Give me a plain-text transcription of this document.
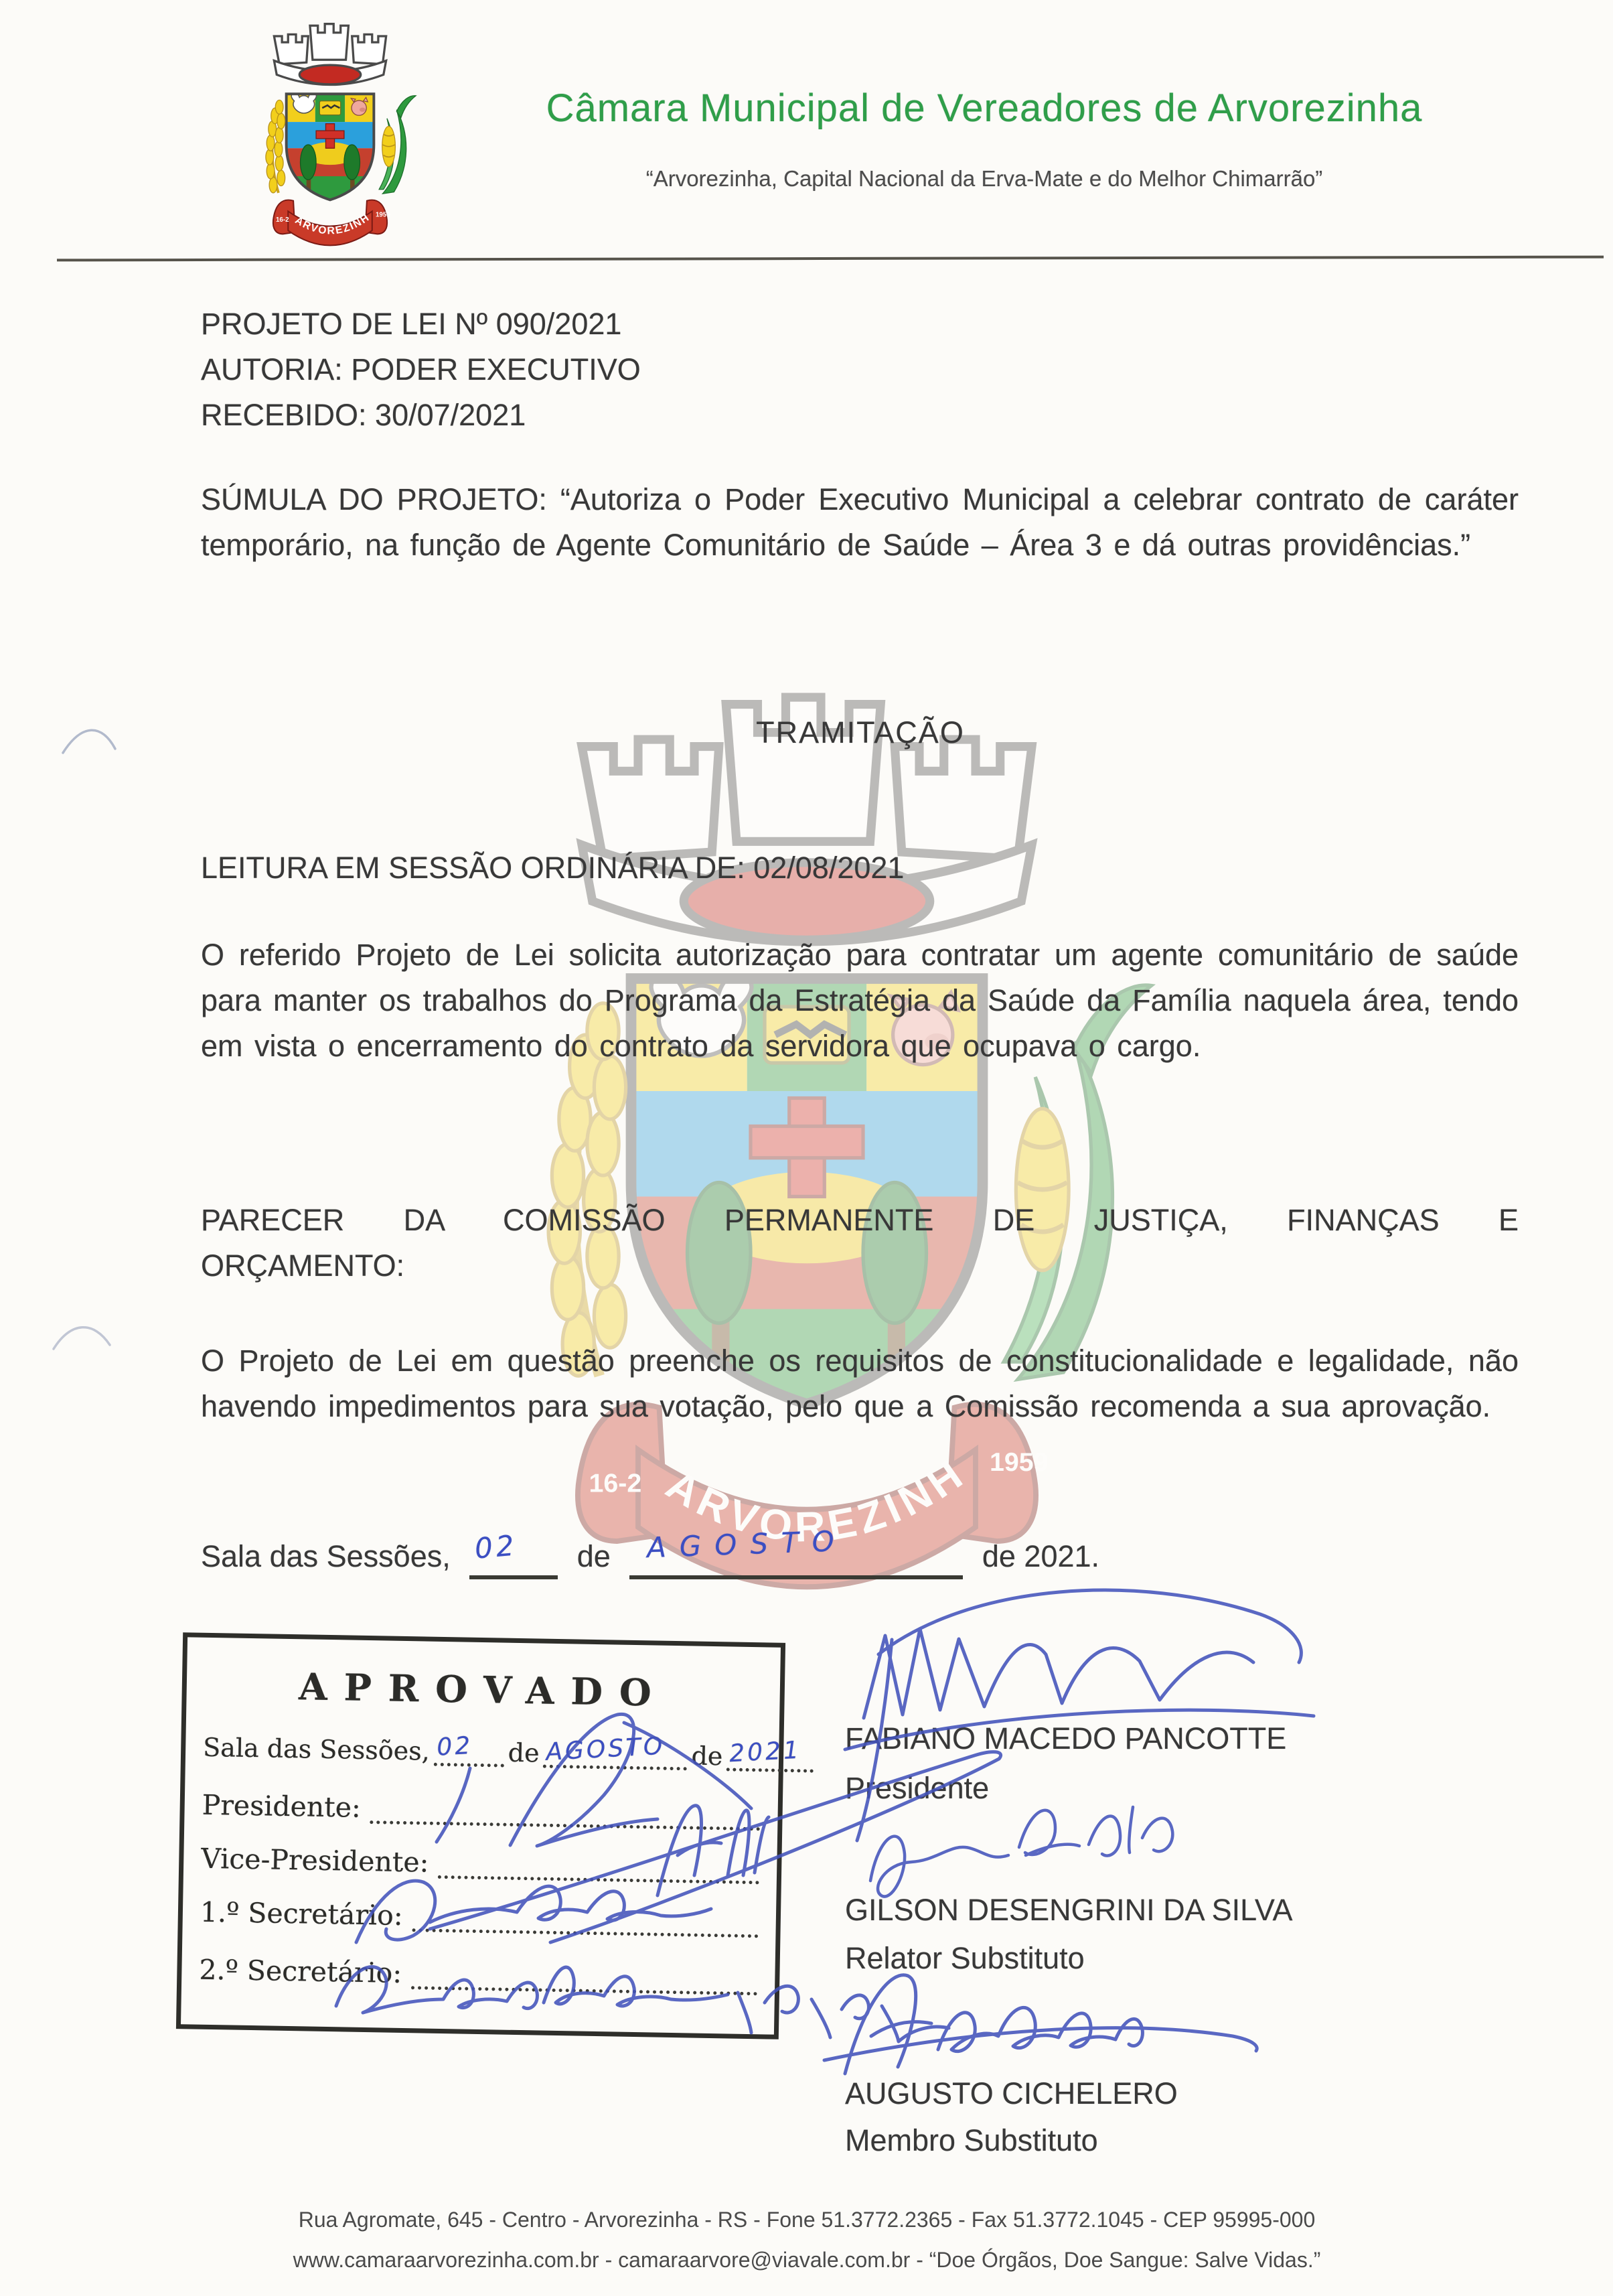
Câmara Municipal de Vereadores de Arvorezinha
“Arvorezinha, Capital Nacional da Erva-Mate e do Melhor Chimarrão”
PROJETO DE LEI Nº 090/2021
AUTORIA: PODER EXECUTIVO
RECEBIDO: 30/07/2021
SÚMULA DO PROJETO: “Autoriza o Poder Executivo Municipal a celebrar contrato de caráter temporário, na função de Agente Comunitário de Saúde – Área 3 e dá outras providências.”
TRAMITAÇÃO
LEITURA EM SESSÃO ORDINÁRIA DE: 02/08/2021
O referido Projeto de Lei solicita autorização para contratar um agente comunitário de saúde para manter os trabalhos do Programa da Estratégia da Saúde da Família naquela área, tendo em vista o encerramento do contrato da servidora que ocupava o cargo.
PARECER DA COMISSÃO PERMANENTE DE JUSTIÇA, FINANÇAS E
ORÇAMENTO:
O Projeto de Lei em questão preenche os requisitos de constitucionalidade e legalidade, não havendo impedimentos para sua votação, pelo que a Comissão recomenda a sua aprovação.
Sala das Sessões, 02 de AGOSTO	de 2021.
APROVADO
Sala das Sessões, 02 de AGOSTO de 2021
Presidente:
Vice-Presidente:
1.º Secretário:
2.º Secretário:
FABIANO MACEDO PANCOTTE
Presidente
GILSON DESENGRINI DA SILVA
Relator Substituto
AUGUSTO CICHELERO
Membro Substituto
Rua Agromate, 645 - Centro - Arvorezinha - RS - Fone 51.3772.2365 - Fax 51.3772.1045 - CEP 95995-000
www.camaraarvorezinha.com.br - camaraarvore@viavale.com.br - “Doe Órgãos, Doe Sangue: Salve Vidas.”
